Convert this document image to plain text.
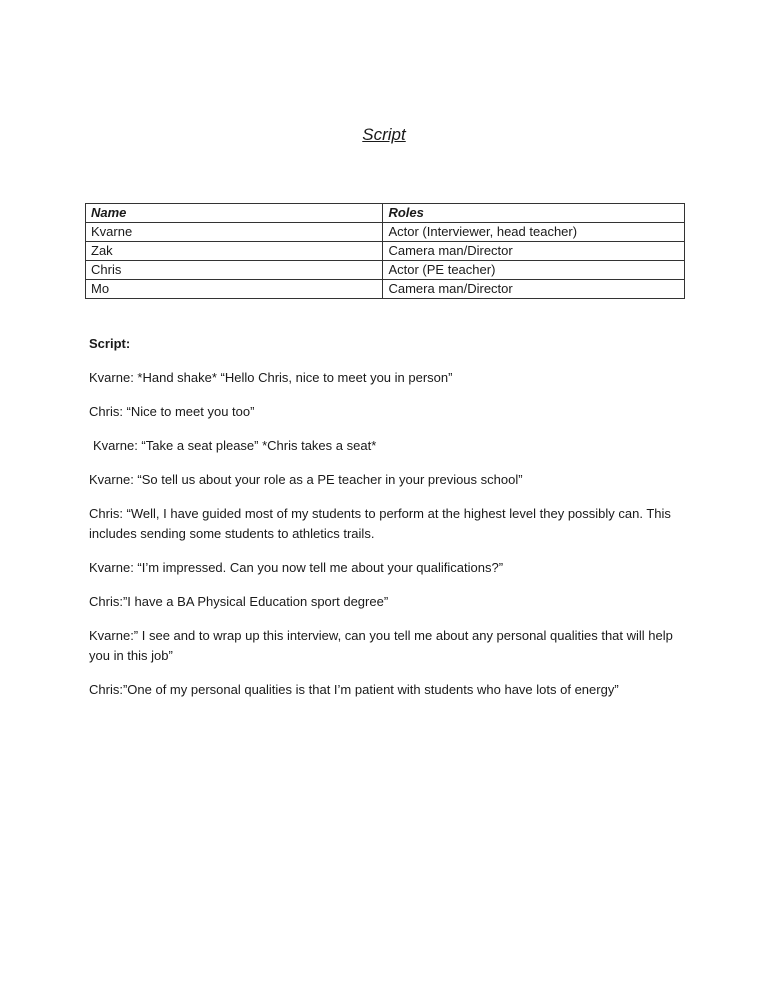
Script
Name	Roles
Kvarne	Actor (Interviewer, head teacher)
Zak	Camera man/Director
Chris	Actor (PE teacher)
Mo	Camera man/Director
Script:
Kvarne: *Hand shake* “Hello Chris, nice to meet you in person”
Chris: “Nice to meet you too”
Kvarne: “Take a seat please” *Chris takes a seat*
Kvarne: “So tell us about your role as a PE teacher in your previous school”
Chris: “Well, I have guided most of my students to perform at the highest level they possibly can. This includes sending some students to athletics trails.
Kvarne: “I’m impressed. Can you now tell me about your qualifications?”
Chris:”I have a BA Physical Education sport degree”
Kvarne:” I see and to wrap up this interview, can you tell me about any personal qualities that will help you in this job”
Chris:”One of my personal qualities is that I’m patient with students who have lots of energy”
